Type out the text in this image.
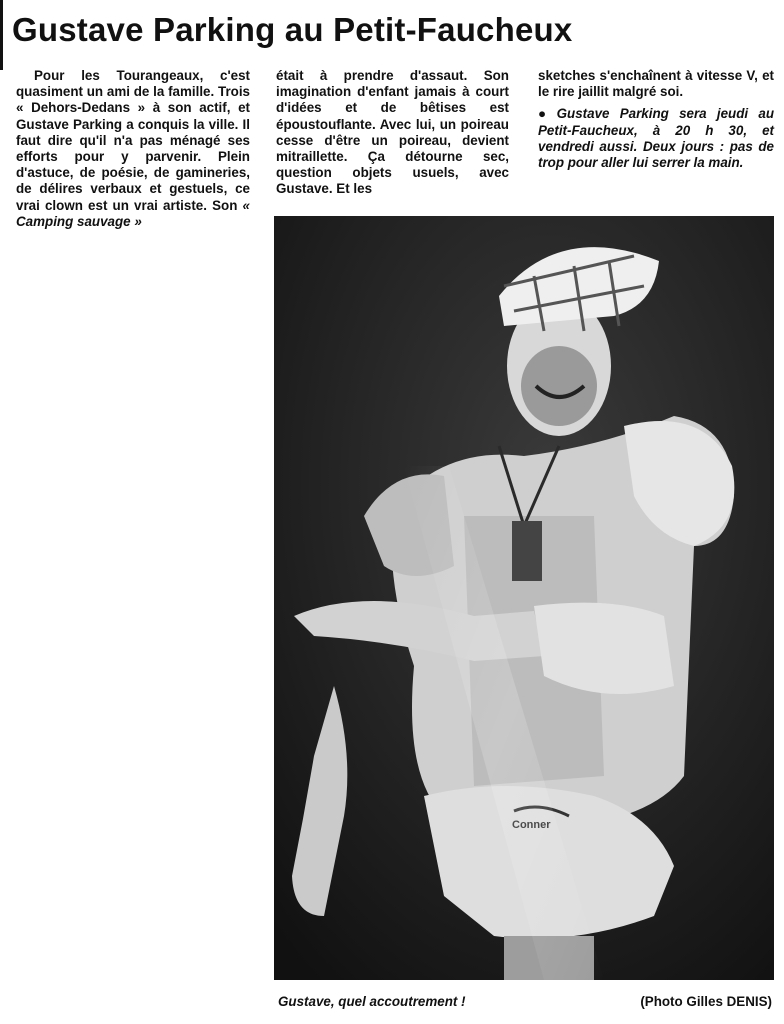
Gustave Parking au Petit-Faucheux

Pour les Tourangeaux, c'est quasiment un ami de la famille. Trois « Dehors-Dedans » à son actif, et Gustave Parking a conquis la ville. Il faut dire qu'il n'a pas ménagé ses efforts pour y parvenir. Plein d'astuce, de poésie, de gamineries, de délires verbaux et gestuels, ce vrai clown est un vrai artiste. Son « Camping sauvage »

était à prendre d'assaut. Son imagination d'enfant jamais à court d'idées et de bêtises est époustouflante. Avec lui, un poireau cesse d'être un poireau, devient mitraillette. Ça détourne sec, question objets usuels, avec Gustave. Et les

sketches s'enchaînent à vitesse V, et le rire jaillit malgré soi.

● Gustave Parking sera jeudi au Petit-Faucheux, à 20 h 30, et vendredi aussi. Deux jours : pas de trop pour aller lui serrer la main.

Gustave, quel accoutrement !	(Photo Gilles DENIS)
